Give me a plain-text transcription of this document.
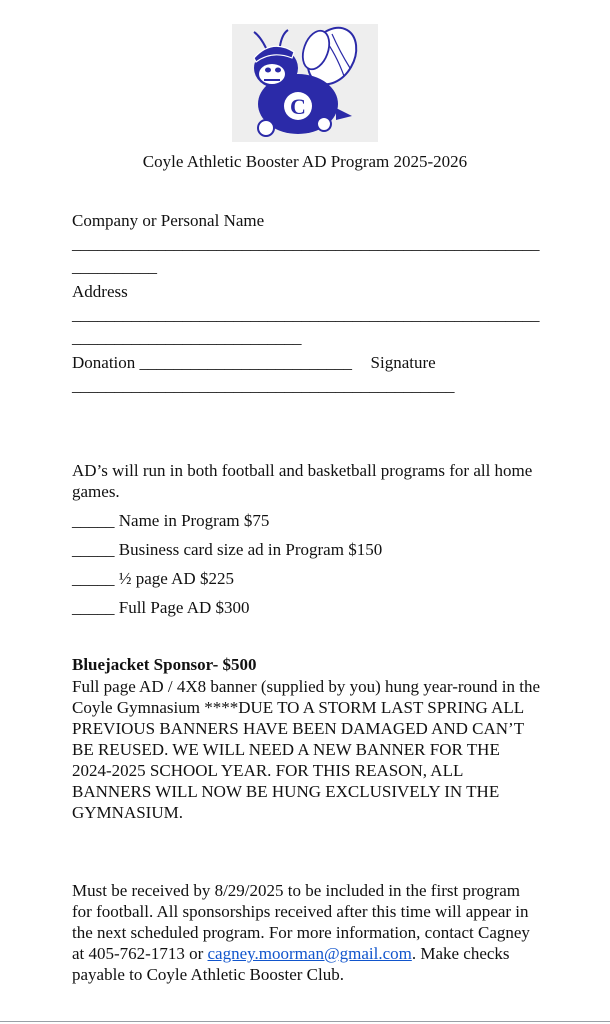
C
Coyle Athletic Booster AD Program 2025-2026
Company or Personal Name
_______________________________________________________
__________
Address
_______________________________________________________
___________________________
Donation _________________________ Signature
_____________________________________________
AD’s will run in both football and basketball programs for all home games.
_____ Name in Program $75
_____ Business card size ad in Program $150
_____ ½ page AD $225
_____ Full Page AD $300
Bluejacket Sponsor- $500
Full page AD / 4X8 banner (supplied by you) hung year-round in the Coyle Gymnasium ****DUE TO A STORM LAST SPRING ALL PREVIOUS BANNERS HAVE BEEN DAMAGED AND CAN’T BE REUSED. WE WILL NEED A NEW BANNER FOR THE 2024-2025 SCHOOL YEAR. FOR THIS REASON, ALL BANNERS WILL NOW BE HUNG EXCLUSIVELY IN THE GYMNASIUM.
Must be received by 8/29/2025 to be included in the first program for football. All sponsorships received after this time will appear in the next scheduled program. For more information, contact Cagney at 405-762-1713 or cagney.moorman@gmail.com. Make checks payable to Coyle Athletic Booster Club.
